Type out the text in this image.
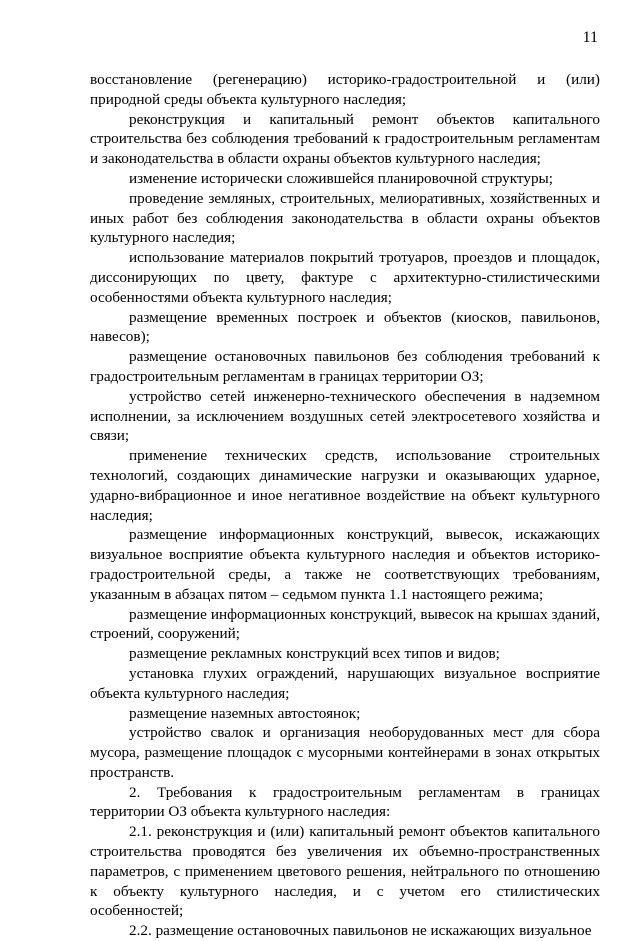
11

восстановление (регенерацию) историко-градостроительной и (или) природной среды объекта культурного наследия;

реконструкция и капитальный ремонт объектов капитального строительства без соблюдения требований к градостроительным регламентам и законодательства в области охраны объектов культурного наследия;

изменение исторически сложившейся планировочной структуры;

проведение земляных, строительных, мелиоративных, хозяйственных и иных работ без соблюдения законодательства в области охраны объектов культурного наследия;

использование материалов покрытий тротуаров, проездов и площадок, диссонирующих по цвету, фактуре с архитектурно-стилистическими особенностями объекта культурного наследия;

размещение временных построек и объектов (киосков, павильонов, навесов);

размещение остановочных павильонов без соблюдения требований к градостроительным регламентам в границах территории ОЗ;

устройство сетей инженерно-технического обеспечения в надземном исполнении, за исключением воздушных сетей электросетевого хозяйства и связи;

применение технических средств, использование строительных технологий, создающих динамические нагрузки и оказывающих ударное, ударно-вибрационное и иное негативное воздействие на объект культурного наследия;

размещение информационных конструкций, вывесок, искажающих визуальное восприятие объекта культурного наследия и объектов историко-градостроительной среды, а также не соответствующих требованиям, указанным в абзацах пятом – седьмом пункта 1.1 настоящего режима;

размещение информационных конструкций, вывесок на крышах зданий, строений, сооружений;

размещение рекламных конструкций всех типов и видов;

установка глухих ограждений, нарушающих визуальное восприятие объекта культурного наследия;

размещение наземных автостоянок;

устройство свалок и организация необорудованных мест для сбора мусора, размещение площадок с мусорными контейнерами в зонах открытых пространств.

2. Требования к градостроительным регламентам в границах территории ОЗ объекта культурного наследия:

2.1. реконструкция и (или) капитальный ремонт объектов капитального строительства проводятся без увеличения их объемно-пространственных параметров, с применением цветового решения, нейтрального по отношению к объекту культурного наследия, и с учетом его стилистических особенностей;

2.2. размещение остановочных павильонов не искажающих визуальное
